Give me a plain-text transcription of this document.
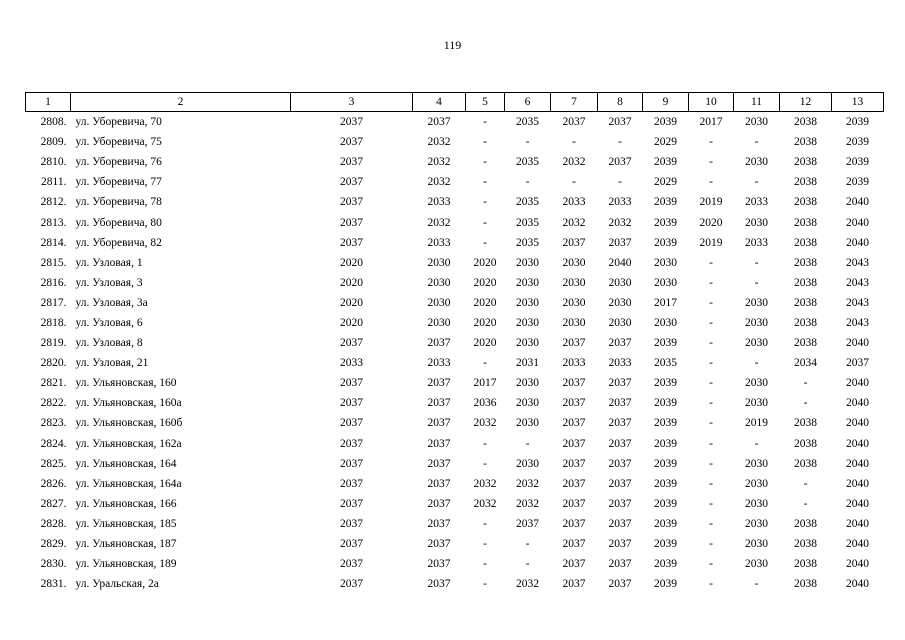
119
1	2	3	4	5	6	7	8	9	10	11	12	13
2808.	ул. Уборевича, 70	2037	2037	-	2035	2037	2037	2039	2017	2030	2038	2039
2809.	ул. Уборевича, 75	2037	2032	-	-	-	-	2029	-	-	2038	2039
2810.	ул. Уборевича, 76	2037	2032	-	2035	2032	2037	2039	-	2030	2038	2039
2811.	ул. Уборевича, 77	2037	2032	-	-	-	-	2029	-	-	2038	2039
2812.	ул. Уборевича, 78	2037	2033	-	2035	2033	2033	2039	2019	2033	2038	2040
2813.	ул. Уборевича, 80	2037	2032	-	2035	2032	2032	2039	2020	2030	2038	2040
2814.	ул. Уборевича, 82	2037	2033	-	2035	2037	2037	2039	2019	2033	2038	2040
2815.	ул. Узловая, 1	2020	2030	2020	2030	2030	2040	2030	-	-	2038	2043
2816.	ул. Узловая, 3	2020	2030	2020	2030	2030	2030	2030	-	-	2038	2043
2817.	ул. Узловая, 3а	2020	2030	2020	2030	2030	2030	2017	-	2030	2038	2043
2818.	ул. Узловая, 6	2020	2030	2020	2030	2030	2030	2030	-	2030	2038	2043
2819.	ул. Узловая, 8	2037	2037	2020	2030	2037	2037	2039	-	2030	2038	2040
2820.	ул. Узловая, 21	2033	2033	-	2031	2033	2033	2035	-	-	2034	2037
2821.	ул. Ульяновская, 160	2037	2037	2017	2030	2037	2037	2039	-	2030	-	2040
2822.	ул. Ульяновская, 160а	2037	2037	2036	2030	2037	2037	2039	-	2030	-	2040
2823.	ул. Ульяновская, 160б	2037	2037	2032	2030	2037	2037	2039	-	2019	2038	2040
2824.	ул. Ульяновская, 162а	2037	2037	-	-	2037	2037	2039	-	-	2038	2040
2825.	ул. Ульяновская, 164	2037	2037	-	2030	2037	2037	2039	-	2030	2038	2040
2826.	ул. Ульяновская, 164а	2037	2037	2032	2032	2037	2037	2039	-	2030	-	2040
2827.	ул. Ульяновская, 166	2037	2037	2032	2032	2037	2037	2039	-	2030	-	2040
2828.	ул. Ульяновская, 185	2037	2037	-	2037	2037	2037	2039	-	2030	2038	2040
2829.	ул. Ульяновская, 187	2037	2037	-	-	2037	2037	2039	-	2030	2038	2040
2830.	ул. Ульяновская, 189	2037	2037	-	-	2037	2037	2039	-	2030	2038	2040
2831.	ул. Уральская, 2а	2037	2037	-	2032	2037	2037	2039	-	-	2038	2040
